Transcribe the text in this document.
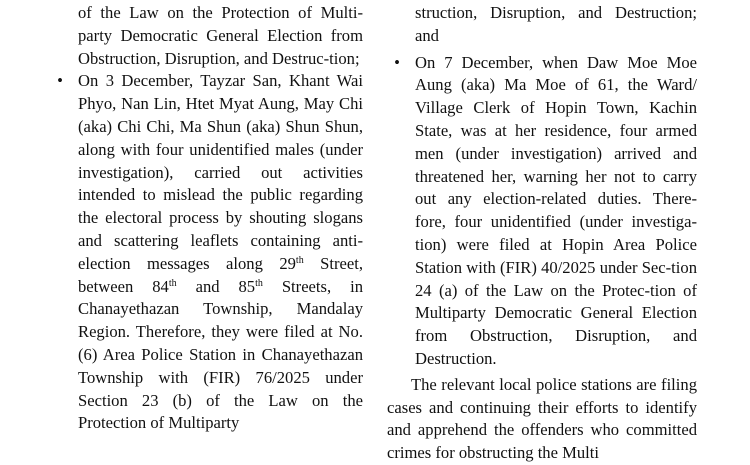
of the Law on the Protection of Multi-party Democratic General Election from Obstruction, Disruption, and Destruc-tion;

• On 3 December, Tayzar San, Khant Wai Phyo, Nan Lin, Htet Myat Aung, May Chi (aka) Chi Chi, Ma Shun (aka) Shun Shun, along with four unidentified males (under investigation), carried out activities intended to mislead the public regarding the electoral process by shouting slogans and scattering leaflets containing anti-election messages along 29th Street, between 84th and 85th Streets, in Chanayethazan Township, Mandalay Region. Therefore, they were filed at No. (6) Area Police Station in Chanayethazan Township with (FIR) 76/2025 under Section 23 (b) of the Law on the Protection of Multiparty

struction, Disruption, and Destruction; and

• On 7 December, when Daw Moe Moe Aung (aka) Ma Moe of 61, the Ward/ Village Clerk of Hopin Town, Kachin State, was at her residence, four armed men (under investigation) arrived and threatened her, warning her not to carry out any election-related duties. There-fore, four unidentified (under investiga-tion) were filed at Hopin Area Police Station with (FIR) 40/2025 under Sec-tion 24 (a) of the Law on the Protec-tion of Multiparty Democratic General Election from Obstruction, Disruption, and Destruction.

The relevant local police stations are filing cases and continuing their efforts to identify and apprehend the offenders who committed crimes for obstructing the Multi
